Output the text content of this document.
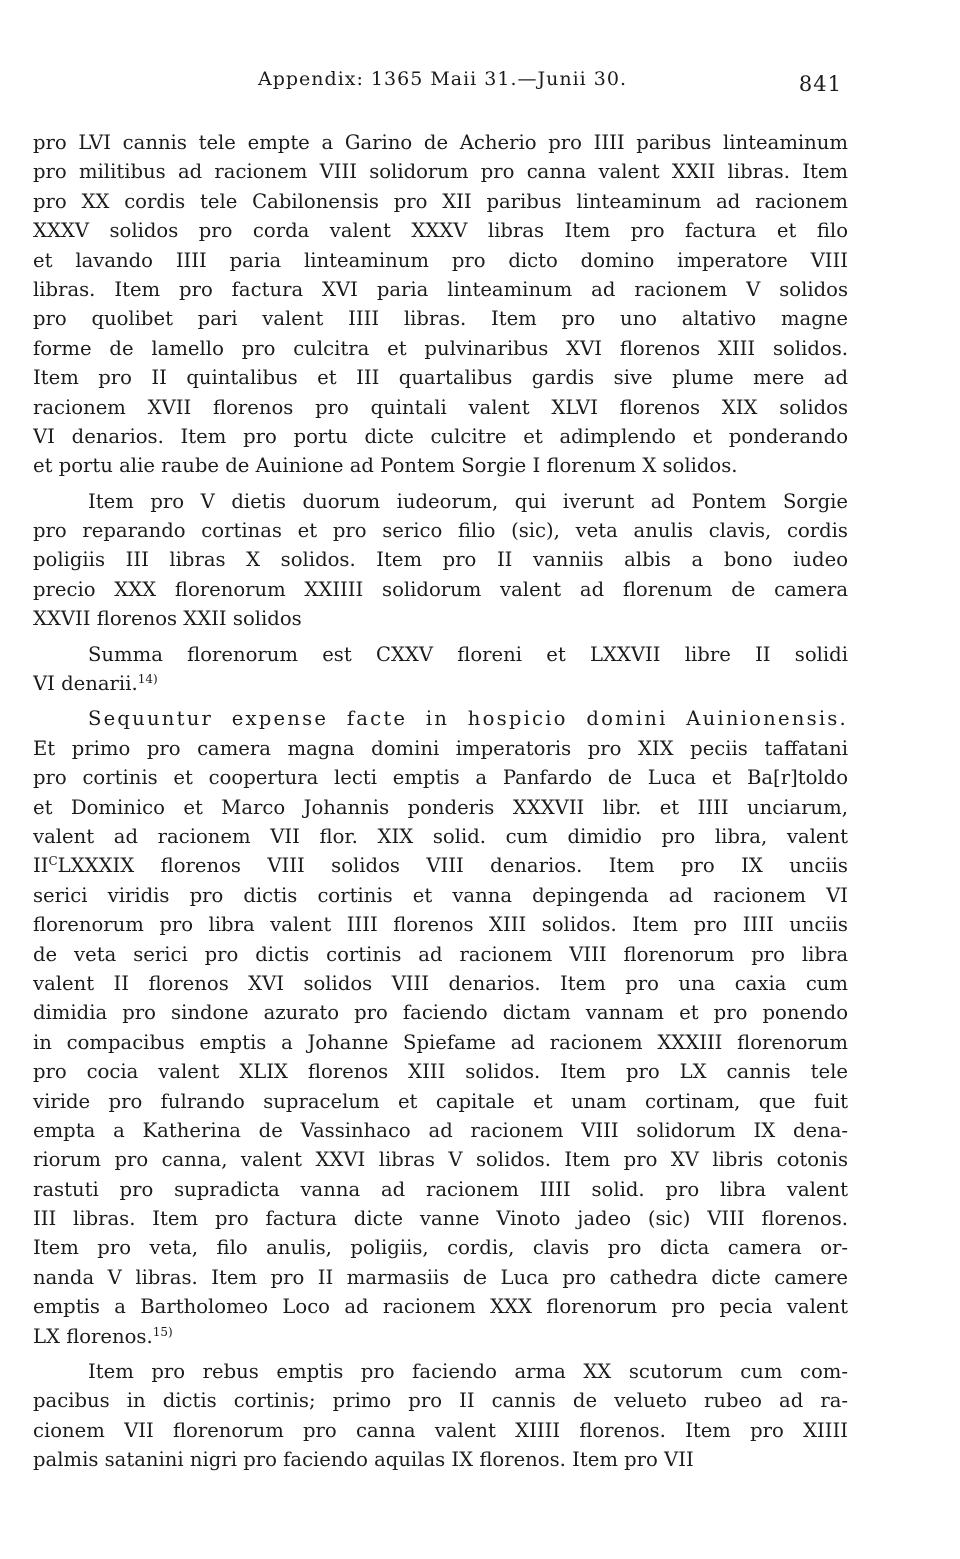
Appendix: 1365 Maii 31.—Junii 30.	841
pro LVI cannis tele empte a Garino de Acherio pro IIII paribus linteaminum
pro militibus ad racionem VIII solidorum pro canna valent XXII libras. Item
pro XX cordis tele Cabilonensis pro XII paribus linteaminum ad racionem
XXXV solidos pro corda valent XXXV libras Item pro factura et filo
et lavando IIII paria linteaminum pro dicto domino imperatore VIII
libras. Item pro factura XVI paria linteaminum ad racionem V solidos
pro quolibet pari valent IIII libras. Item pro uno altativo magne
forme de lamello pro culcitra et pulvinaribus XVI florenos XIII solidos.
Item pro II quintalibus et III quartalibus gardis sive plume mere ad
racionem XVII florenos pro quintali valent XLVI florenos XIX solidos
VI denarios. Item pro portu dicte culcitre et adimplendo et ponderando
et portu alie raube de Auinione ad Pontem Sorgie I florenum X solidos.
Item pro V dietis duorum iudeorum, qui iverunt ad Pontem Sorgie
pro reparando cortinas et pro serico filio (sic), veta anulis clavis, cordis
poligiis III libras X solidos. Item pro II vanniis albis a bono iudeo
precio XXX florenorum XXIIII solidorum valent ad florenum de camera
XXVII florenos XXII solidos
Summa florenorum est CXXV floreni et LXXVII libre II solidi
VI denarii.$^{14)}$
Sequuntur expense facte in hospicio domini Auinionensis.
Et primo pro camera magna domini imperatoris pro XIX peciis taffatani
pro cortinis et coopertura lecti emptis a Panfardo de Luca et Ba[r]toldo
et Dominico et Marco Johannis ponderis XXXVII libr. et IIII unciarum,
valent ad racionem VII flor. XIX solid. cum dimidio pro libra, valent
$II^CLXXXIX$ florenos VIII solidos VIII denarios. Item pro IX unciis
serici viridis pro dictis cortinis et vanna depingenda ad racionem VI
florenorum pro libra valent IIII florenos XIII solidos. Item pro IIII unciis
de veta serici pro dictis cortinis ad racionem VIII florenorum pro libra
valent II florenos XVI solidos VIII denarios. Item pro una caxia cum
dimidia pro sindone azurato pro faciendo dictam vannam et pro ponendo
in compacibus emptis a Johanne Spiefame ad racionem XXXIII florenorum
pro cocia valent XLIX florenos XIII solidos. Item pro LX cannis tele
viride pro fulrando supracelum et capitale et unam cortinam, que fuit
empta a Katherina de Vassinhaco ad racionem VIII solidorum IX dena-
riorum pro canna, valent XXVI libras V solidos. Item pro XV libris cotonis
rastuti pro supradicta vanna ad racionem IIII solid. pro libra valent
III libras. Item pro factura dicte vanne Vinoto jadeo (sic) VIII florenos.
Item pro veta, filo anulis, poligiis, cordis, clavis pro dicta camera or-
nanda V libras. Item pro II marmasiis de Luca pro cathedra dicte camere
emptis a Bartholomeo Loco ad racionem XXX florenorum pro pecia valent
LX florenos.$^{15)}$
Item pro rebus emptis pro faciendo arma XX scutorum cum com-
pacibus in dictis cortinis; primo pro II cannis de velueto rubeo ad ra-
cionem VII florenorum pro canna valent XIIII florenos. Item pro XIIII
palmis satanini nigri pro faciendo aquilas IX florenos. Item pro VII
